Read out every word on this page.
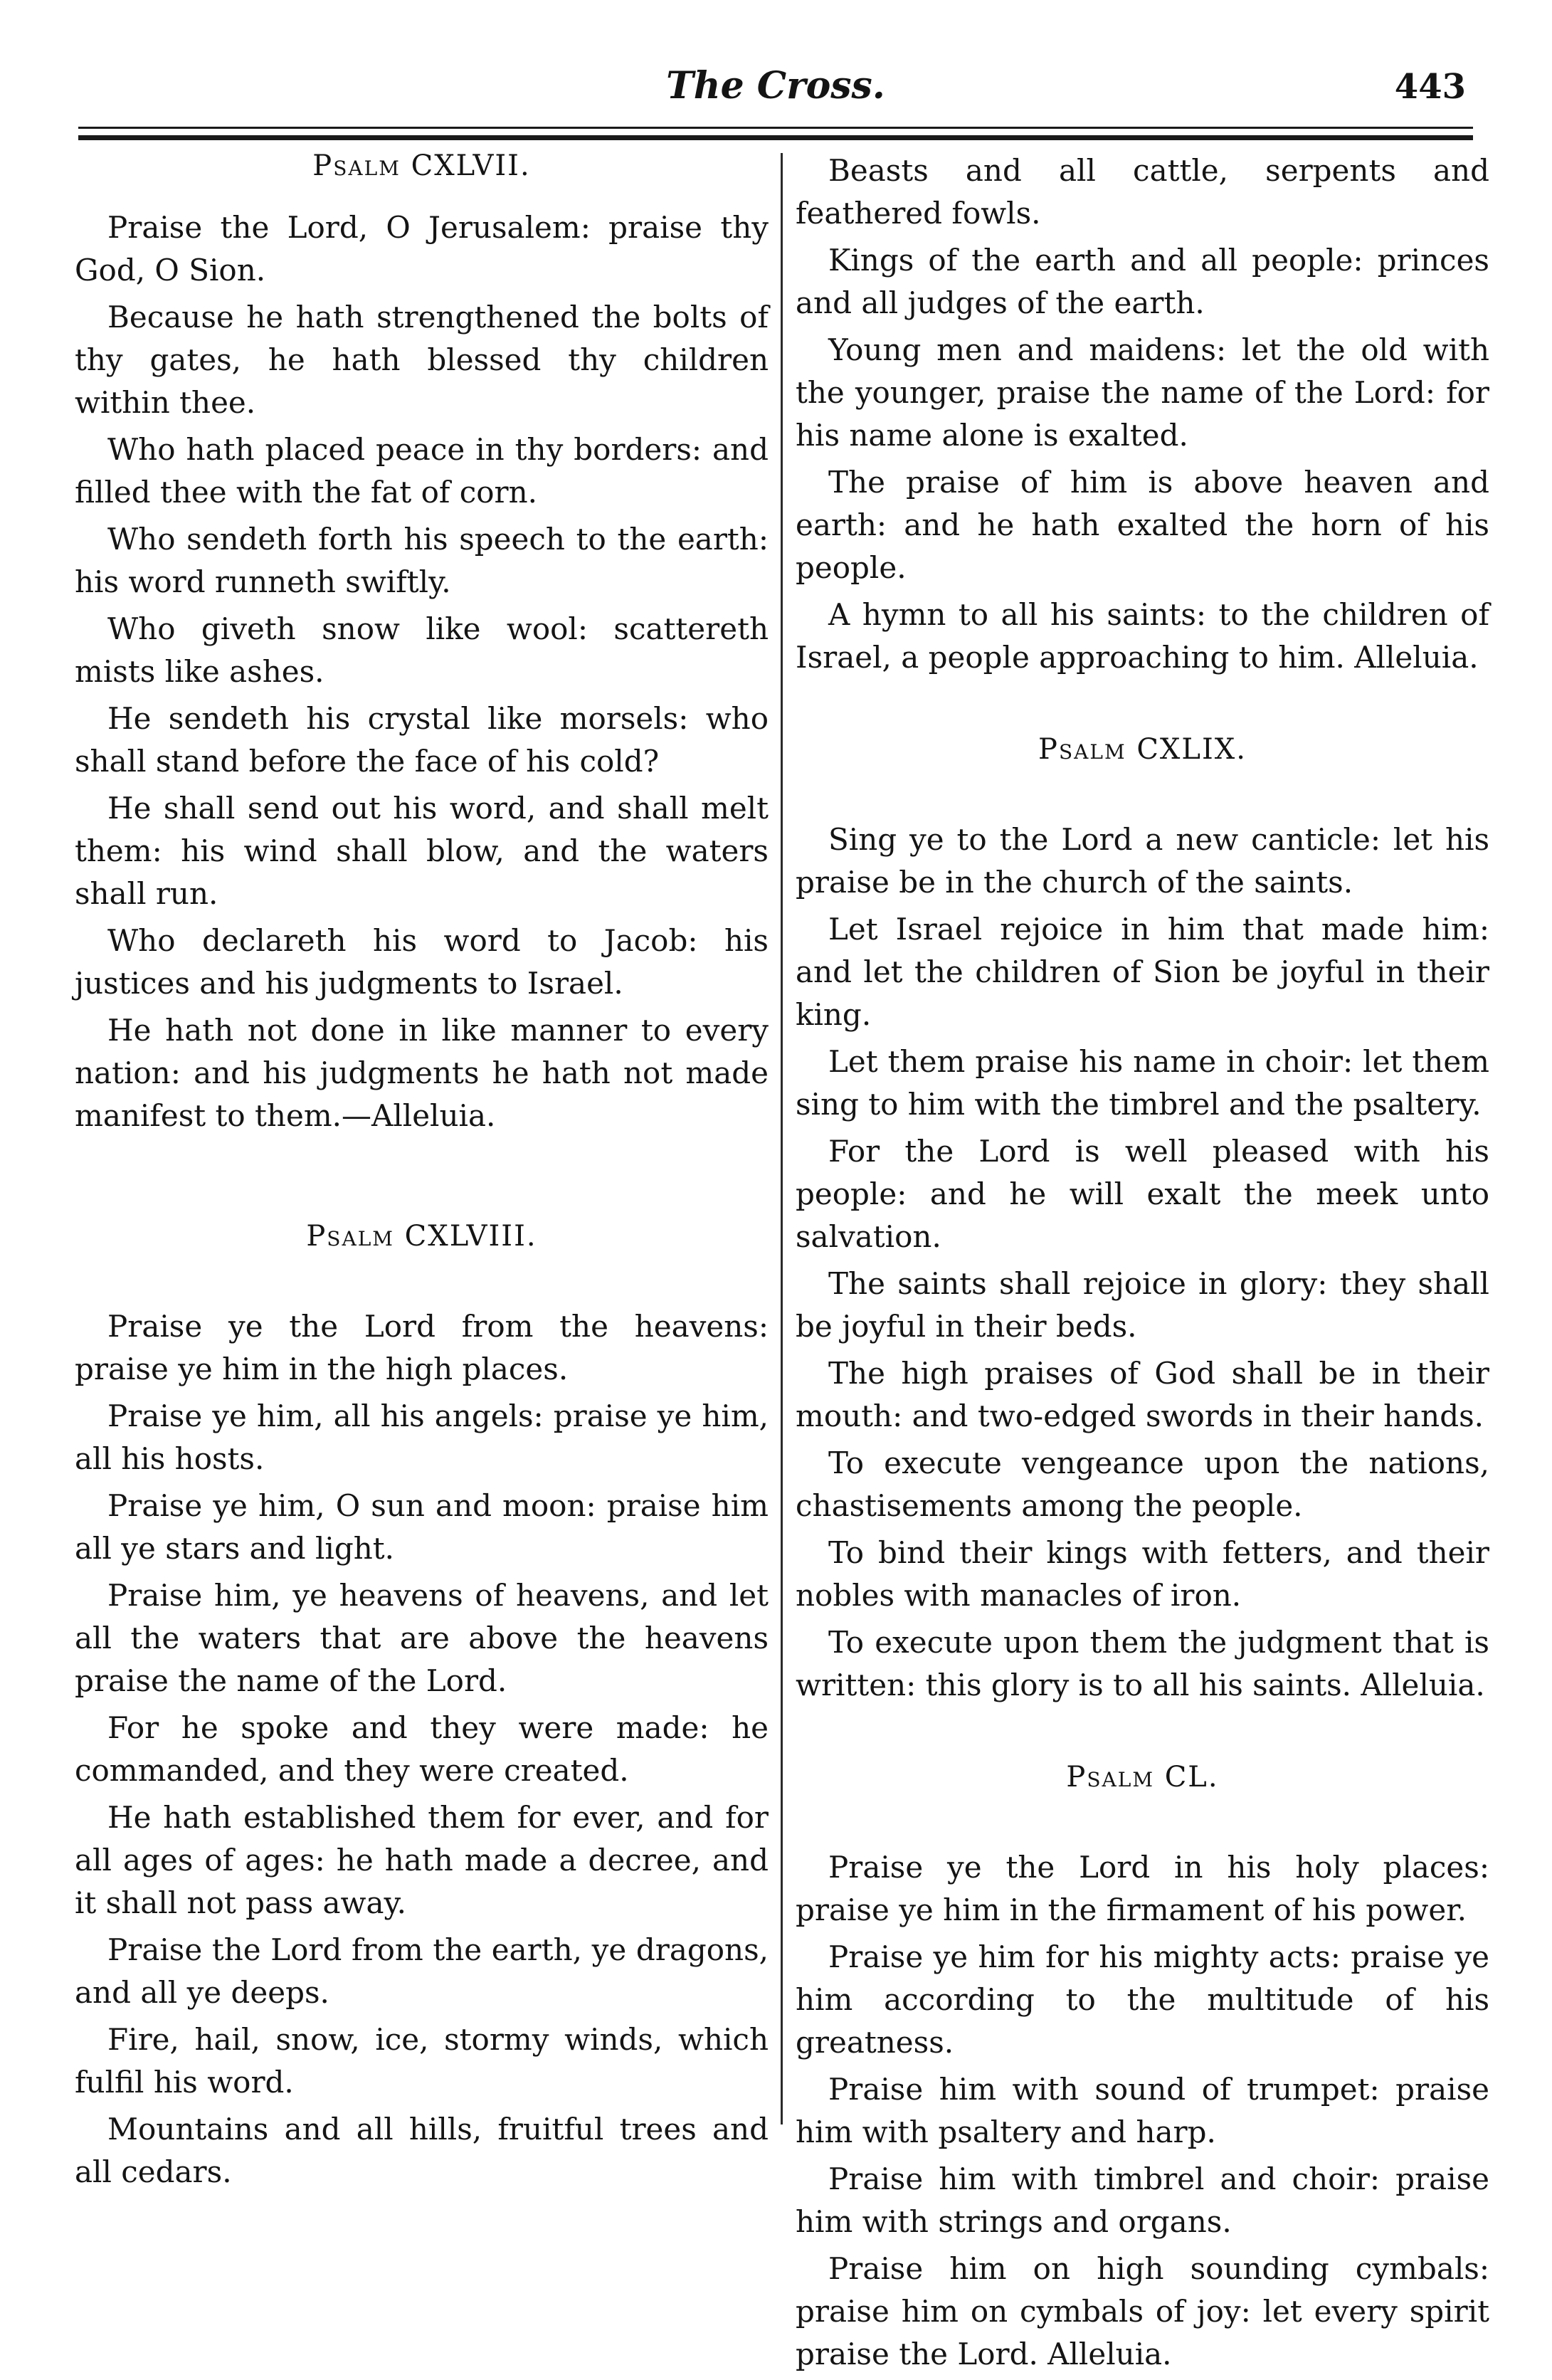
The Cross.	443
Psalm CXLVII.

Praise the Lord, O Jerusalem: praise thy God, O Sion.

Because he hath strengthened the bolts of thy gates, he hath blessed thy children within thee.

Who hath placed peace in thy borders: and filled thee with the fat of corn.

Who sendeth forth his speech to the earth: his word runneth swiftly.

Who giveth snow like wool: scattereth mists like ashes.

He sendeth his crystal like morsels: who shall stand before the face of his cold?

He shall send out his word, and shall melt them: his wind shall blow, and the waters shall run.

Who declareth his word to Jacob: his justices and his judgments to Israel.

He hath not done in like manner to every nation: and his judgments he hath not made manifest to them.—Alleluia.

Psalm CXLVIII.

Praise ye the Lord from the heavens: praise ye him in the high places.

Praise ye him, all his angels: praise ye him, all his hosts.

Praise ye him, O sun and moon: praise him all ye stars and light.

Praise him, ye heavens of heavens, and let all the waters that are above the heavens praise the name of the Lord.

For he spoke and they were made: he commanded, and they were created.

He hath established them for ever, and for all ages of ages: he hath made a decree, and it shall not pass away.

Praise the Lord from the earth, ye dragons, and all ye deeps.

Fire, hail, snow, ice, stormy winds, which fulfil his word.

Mountains and all hills, fruitful trees and all cedars.

Beasts and all cattle, serpents and feathered fowls.

Kings of the earth and all people: princes and all judges of the earth.

Young men and maidens: let the old with the younger, praise the name of the Lord: for his name alone is exalted.

The praise of him is above heaven and earth: and he hath exalted the horn of his people.

A hymn to all his saints: to the children of Israel, a people approaching to him. Alleluia.

Psalm CXLIX.

Sing ye to the Lord a new canticle: let his praise be in the church of the saints.

Let Israel rejoice in him that made him: and let the children of Sion be joyful in their king.

Let them praise his name in choir: let them sing to him with the timbrel and the psaltery.

For the Lord is well pleased with his people: and he will exalt the meek unto salvation.

The saints shall rejoice in glory: they shall be joyful in their beds.

The high praises of God shall be in their mouth: and two-edged swords in their hands.

To execute vengeance upon the nations, chastisements among the people.

To bind their kings with fetters, and their nobles with manacles of iron.

To execute upon them the judgment that is written: this glory is to all his saints. Alleluia.

Psalm CL.

Praise ye the Lord in his holy places: praise ye him in the firmament of his power.

Praise ye him for his mighty acts: praise ye him according to the multitude of his greatness.

Praise him with sound of trumpet: praise him with psaltery and harp.

Praise him with timbrel and choir: praise him with strings and organs.

Praise him on high sounding cymbals: praise him on cymbals of joy: let every spirit praise the Lord. Alleluia.
